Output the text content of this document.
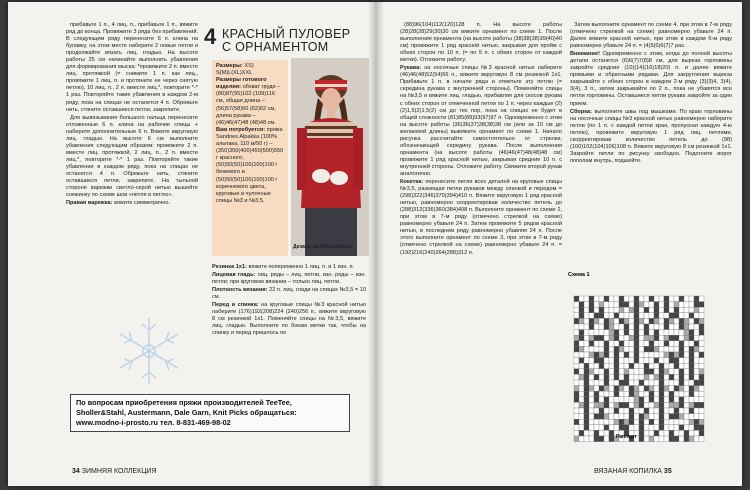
прибавьте 1 п., 4 лиц. п., прибавьте 1 п., вяжите ряд до конца. Провяжите 3 ряда без прибавлений. В следующем ряду перенесите 6 п. клина на булавку, на этом месте наберите 2 новые петли и продолжайте вязать лиц. гладью. На высоте работы 25 см начинайте выполнять убавления для формирования мыска: *провяжите 2 п. вместе лиц. протяжкой (= снимите 1 п. как лиц., провяжите 1 лиц. п. и протяните ее через снятую петлю), 10 лиц. п., 2 п. вместе лиц.*, повторите *-* 1 раз. Повторяйте такие убавления в каждом 2-м ряду, пока на спицах не останется 4 п. Обрежьте нить, стяните оставшиеся петли, закрепите.

Для вывязывания большого пальца перенесите отложенные 6 п. клина на рабочие спицы + наберите дополнительные 6 п. Вяжите вкруговую лиц. гладью. На высоте 6 см выполните убавления следующим образом: провяжите 2 п. вместе лиц. протяжкой, 2 лиц. п., 2 п. вместе лиц.*, повторите *-* 1 раз. Повторяйте такие убавления в каждом ряду, пока на спицах не останется 4 п. Обрежьте нить, стяните оставшиеся петли, закрепите. На тыльной стороне варежки светло-серой нитью вышейте снежинку по схеме шов «петля в петлю».

Правая варежка: вяжите симметрично.

4 КРАСНЫЙ ПУЛОВЕР С ОРНАМЕНТОМ
Размеры: XS) S(M)L(XL)XXL
Размеры готового изделия: обхват груди – (80)87(95)102 (109)116 см, общая длина – (56)57(58)60 (62)62 см, длина рукава – (46)46(47)48 (48)48 см.
Вам потребуется: пряжа Sandnes Alpakka (100% альпака, 110 м/50 г) – (350)350(400)450(500)550 г красного, (50)50(50)100(100)100 г бежевого и (50)50(50)100(100)100 г коричневого цвета, круговые и чулочные спицы №3 и №3,5.
Дизайн taksitiliteollisuus

Резинка 1х1: вяжите попеременно 1 лиц. п. и 1 изн. п.

Лицевая гладь: лиц. ряды – лиц. петли, изн. ряды – изн. петли; при круговом вязании – только лиц. петли.

Плотность вязания: 22 п. лиц. глади на спицах №3,5 = 10 см.

Перед и спинка: на круговые спицы №3 красной нитью наберите (176)192(208)224 (240)256 п., вяжите вкруговую 8 см резинкой 1х1. Поменяйте спицы на №3,5, вяжите лиц. гладью. Выполните по бокам метки так, чтобы на спинку и перед пришлось по

По вопросам приобретения пряжи производителей TeeTee,
Sholler&Stahl, Austermann, Dale Garn, Knit Picks обращаться:
www.modno-i-prosto.ru тел. 8-831-469-98-02
34 ЗИМНЯЯ КОЛЛЕКЦИЯ

(88)96(104)112(120)128 п. На высоте работы (28)28(28)29(30)30 см вяжите орнамент по схеме 1. После выполнения орнамента (на высоте работы (38)38(38)39(40)40 см) провяжите 1 ряд красной нитью, закрывая для пройм с обеих сторон по 10 п. (= по 5 п. с обеих сторон от каждой метки). Отложите работу.

Рукава: на носочные спицы №3 красной нитью наберите (46)46(48)52(54)56 п., вяжите вкруговую 8 см резинкой 1х1. Прибавьте 1 п. в начале ряда и отметьте эту петлю (= середина рукава с внутренней стороны). Поменяйте спицы на №3,5 и вяжите лиц. гладью, прибавляя для скосов рукава с обеих сторон от отмеченной петли по 1 п. через каждые (2)(2)1,5(2)1,5(2) см до тех пор, пока на спицах не будет в общей сложности (81)85(89)93(97)97 п. Одновременно с этим на высоте работы (36)36(37)38(38)38 см (или за 10 см до желаемой длины) вывяжите орнамент по схеме 1. Начало рисунка рассчитайте самостоятельно от стрелки, обозначающей середину рукава. После выполнения орнамента (на высоте работы (46)46(47)48(48)48 см) провяжите 1 ряд красной нитью, закрывая средние 10 п. с внутренней стороны. Отложите работу. Свяжите второй рукав аналогично.

Кокетка: перенесите петли всех деталей на круговые спицы №3,5, размещая петли рукавов между спинкой и передом = (298)322(346)370(394)410 п. Вяжите вкруговую 1 ряд красной нитью, равномерно скорректировав количество петель до (288)312(336)360(384)408 п. Выполните орнамент по схеме 2, при этом в 7-м ряду (отмечено стрелкой на схеме) равномерно убавьте 24 п. Затем провяжите 5 рядов красной нитью, в последнем ряду равномерно убавляя 24 п. После этого выполните орнамент по схеме 3, при этом в 7-м ряду (отмечено стрелкой на схеме) равномерно убавьте 24 п. = (192)216(240)264(288)312 п.

Затем выполните орнамент по схеме 4, при этом в 7-м ряду (отмечено стрелкой на схеме) равномерно убавьте 24 п. Далее вяжите красной нитью, при этом в каждом 6-м ряду равномерно убавьте 24 п. = (4)5(6)6(7)7 раз.

Внимание! Одновременно с этим, когда до полной высоты детали останется (6)6(7)7(8)8 см, для выреза горловины закройте средние (10)(14)(16)18(20) п. и далее вяжите прямыми и обратными рядами. Для закругления выреза закрывайте с обеих сторон в каждом 2-м ряду (3)(3)4, 3(4), 3(4), 3 п., затем закрывайте по 2 п., пока не убавятся все петли горловины. Оставшиеся петли рукава закройте за один прием.

Сборка: выполните швы под мышками. По краю горловины на носочные спицы №3 красной нитью равномерно наберите петли (по 1 п. с каждой петли края, пропуская каждую 4-ю петлю), провяжите вкруговую 1 ряд лиц. петлями, скорректировав количество петель до (98)(100)102(104)106)108 п. Вяжите вкруговую 8 см резинкой 1х1. Закройте петли по рисунку свободно. Подогните ворот пополам внутрь, подшейте.

Схема 1
Раппорт
ВЯЗАНАЯ КОПИЛКА 35
